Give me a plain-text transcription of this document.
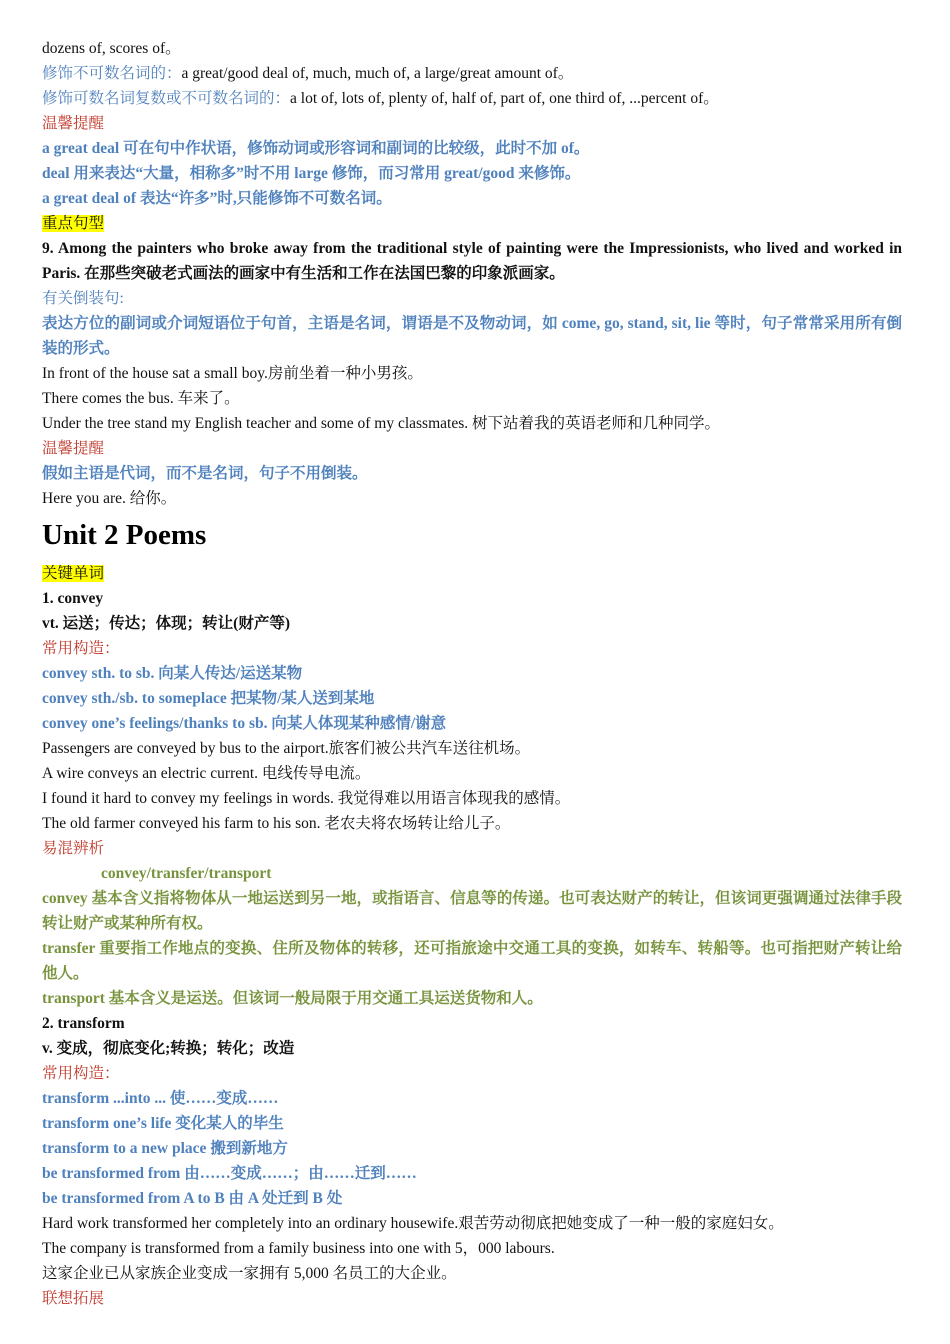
dozens of, scores of。
修饰不可数名词的：a great/good deal of, much, much of, a large/great amount of。
修饰可数名词复数或不可数名词的：a lot of, lots of, plenty of, half of, part of, one third of, ...percent of。
温馨提醒
a great deal 可在句中作状语，修饰动词或形容词和副词的比较级，此时不加 of。
deal 用来表达“大量，相称多”时不用 large 修饰，而习常用 great/good 来修饰。
a great deal of 表达“许多”时,只能修饰不可数名词。
重点句型
9. Among the painters who broke away from the traditional style of painting were the Impressionists, who lived and worked in Paris. 在那些突破老式画法的画家中有生活和工作在法国巴黎的印象派画家。
有关倒装句:
表达方位的副词或介词短语位于句首，主语是名词，谓语是不及物动词，如 come, go, stand, sit, lie 等时，句子常常采用所有倒装的形式。
In front of the house sat a small boy.房前坐着一种小男孩。
There comes the bus. 车来了。
Under the tree stand my English teacher and some of my classmates. 树下站着我的英语老师和几种同学。
温馨提醒
假如主语是代词，而不是名词，句子不用倒装。
Here you are. 给你。
Unit 2 Poems
关键单词
1. convey
vt. 运送；传达；体现；转让(财产等)
常用构造：
convey sth. to sb. 向某人传达/运送某物
convey sth./sb. to someplace 把某物/某人送到某地
convey one’s feelings/thanks to sb. 向某人体现某种感情/谢意
Passengers are conveyed by bus to the airport.旅客们被公共汽车送往机场。
A wire conveys an electric current. 电线传导电流。
I found it hard to convey my feelings in words. 我觉得难以用语言体现我的感情。
The old farmer conveyed his farm to his son. 老农夫将农场转让给儿子。
易混辨析
convey/transfer/transport
convey 基本含义指将物体从一地运送到另一地，或指语言、信息等的传递。也可表达财产的转让，但该词更强调通过法律手段转让财产或某种所有权。
transfer 重要指工作地点的变换、住所及物体的转移，还可指旅途中交通工具的变换，如转车、转船等。也可指把财产转让给他人。
transport 基本含义是运送。但该词一般局限于用交通工具运送货物和人。
2. transform
v. 变成，彻底变化;转换；转化；改造
常用构造：
transform ...into ... 使……变成……
transform one’s life 变化某人的毕生
transform to a new place 搬到新地方
be transformed from 由……变成……；由……迁到……
be transformed from A to B 由 A 处迁到 B 处
Hard work transformed her completely into an ordinary housewife.艰苦劳动彻底把她变成了一种一般的家庭妇女。
The company is transformed from a family business into one with 5，000 labours.
这家企业已从家族企业变成一家拥有 5,000 名员工的大企业。
联想拓展
